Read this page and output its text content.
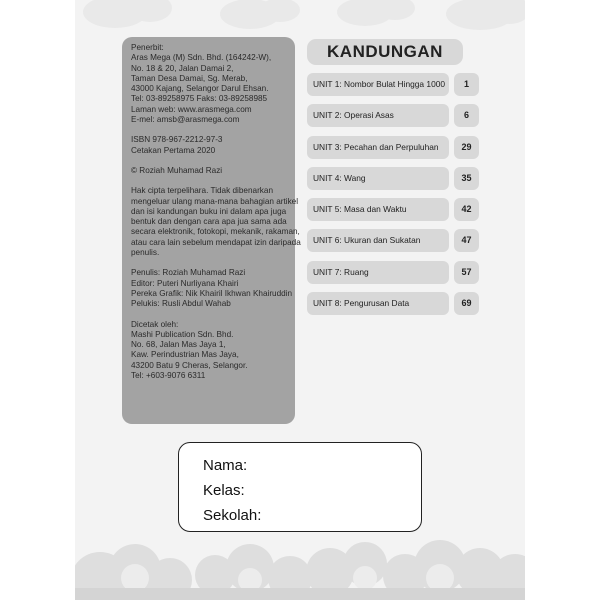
Penerbit:
Aras Mega (M) Sdn. Bhd. (164242-W),
No. 18 & 20, Jalan Damai 2,
Taman Desa Damai, Sg. Merab,
43000 Kajang, Selangor Darul Ehsan.
Tel: 03-89258975 Faks: 03-89258985
Laman web: www.arasmega.com
E-mel: amsb@arasmega.com

ISBN 978-967-2212-97-3
Cetakan Pertama 2020

© Roziah Muhamad Razi

Hak cipta terpelihara. Tidak dibenarkan
mengeluar ulang mana-mana bahagian artikel
dan isi kandungan buku ini dalam apa juga
bentuk dan dengan cara apa jua sama ada
secara elektronik, fotokopi, mekanik, rakaman,
atau cara lain sebelum mendapat izin daripada
penulis.

Penulis: Roziah Muhamad Razi
Editor: Puteri Nurliyana Khairi
Pereka Grafik: Nik Khairil Ikhwan Khairuddin
Pelukis: Rusli Abdul Wahab

Dicetak oleh:
Mashi Publication Sdn. Bhd.
No. 68, Jalan Mas Jaya 1,
Kaw. Perindustrian Mas Jaya,
43200 Batu 9 Cheras, Selangor.
Tel: +603-9076 6311

KANDUNGAN
UNIT 1: Nombor Bulat Hingga 1000	1
UNIT 2: Operasi Asas	6
UNIT 3: Pecahan dan Perpuluhan	29
UNIT 4: Wang	35
UNIT 5: Masa dan Waktu	42
UNIT 6: Ukuran dan Sukatan	47
UNIT 7: Ruang	57
UNIT 8: Pengurusan Data	69
Nama:
Kelas:
Sekolah:
